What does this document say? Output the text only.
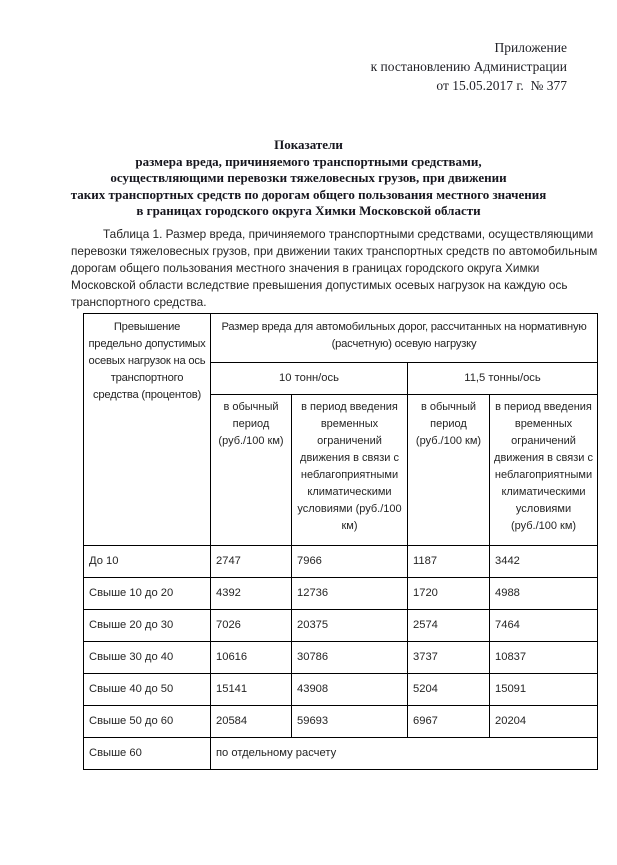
Приложение
к постановлению Администрации
от 15.05.2017 г.  № 377
Показатели
размера вреда, причиняемого транспортными средствами,
осуществляющими перевозки тяжеловесных грузов, при движении
таких транспортных средств по дорогам общего пользования местного значения
в границах городского округа Химки Московской области

Таблица 1. Размер вреда, причиняемого транспортными средствами, осуществляющими перевозки тяжеловесных грузов, при движении таких транспортных средств по автомобильным дорогам общего пользования местного значения в границах городского округа Химки Московской области вследствие превышения допустимых осевых нагрузок на каждую ось транспортного средства.

Превышение предельно допустимых осевых нагрузок на ось транспортного средства (процентов)	Размер вреда для автомобильных дорог, рассчитанных на нормативную (расчетную) осевую нагрузку			
	10 тонн/ось		11,5 тонны/ось	
	в обычный период (руб./100 км)	в период введения временных ограничений движения в связи с неблагоприятными климатическими условиями (руб./100 км)	в обычный период (руб./100 км)	в период введения временных ограничений движения в связи с неблагоприятными климатическими условиями (руб./100 км)
До 10	2747	7966	1187	3442
Свыше 10 до 20	4392	12736	1720	4988
Свыше 20 до 30	7026	20375	2574	7464
Свыше 30 до 40	10616	30786	3737	10837
Свыше 40 до 50	15141	43908	5204	15091
Свыше 50 до 60	20584	59693	6967	20204
Свыше 60	по отдельному расчету			
